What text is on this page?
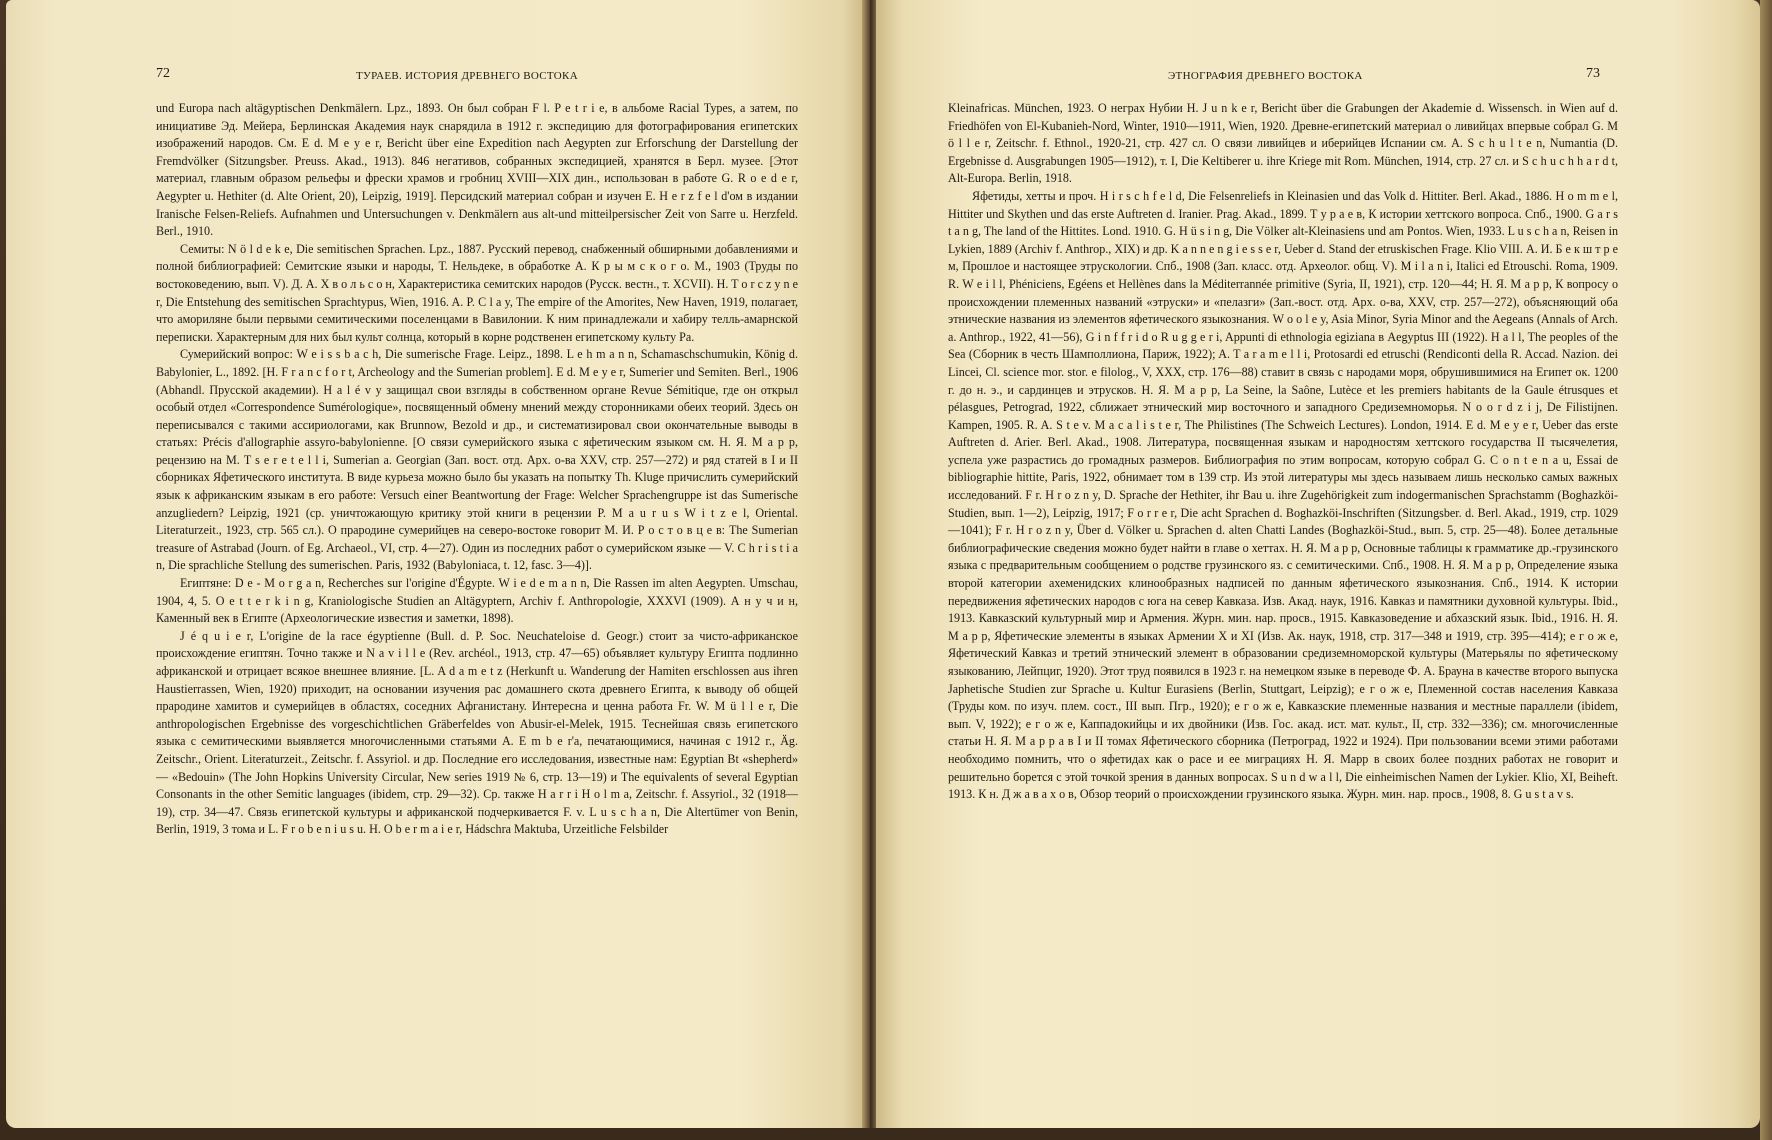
72	ТУРАЕВ. ИСТОРИЯ ДРЕВНЕГО ВОСТОКА

und Europa nach altägyptischen Denkmälern. Lpz., 1893. Он был собран F l. P e t r i e, в альбоме Racial Types, а затем, по инициативе Эд. Мейера, Берлинская Академия наук снарядила в 1912 г. экспедицию для фотографирования египетских изображений народов. См. E d. M e y e r, Bericht über eine Expedition nach Aegypten zur Erforschung der Darstellung der Fremdvölker (Sitzungsber. Preuss. Akad., 1913). 846 негативов, собранных экспедицией, хранятся в Берл. музее. [Этот материал, главным образом рельефы и фрески храмов и гробниц XVIII—XIX дин., использован в работе G. R o e d e r, Aegypter u. Hethiter (d. Alte Orient, 20), Leipzig, 1919]. Персидский материал собран и изучен E. H e r z f e l d'ом в издании Iranische Felsen-Reliefs. Aufnahmen und Untersuchungen v. Denkmälern aus alt-und mitteilpersischer Zeit von Sarre u. Herzfeld. Berl., 1910.

Семиты: N ö l d e k e, Die semitischen Sprachen. Lpz., 1887. Русский перевод, снабженный обширными добавлениями и полной библиографией: Семитские языки и народы, Т. Нельдеке, в обработке А. К р ы м с к о г о. М., 1903 (Труды по востоковедению, вып. V). Д. А. Х в о л ь с о н, Характеристика семитских народов (Русск. вестн., т. XCVII). H. T o r c z y n e r, Die Entstehung des semitischen Sprachtypus, Wien, 1916. A. P. C l a y, The empire of the Amorites, New Haven, 1919, полагает, что амориляне были первыми семитическими поселенцами в Вавилонии. К ним принадлежали и хабиру телль-амарнской переписки. Характерным для них был культ солнца, который в корне родственен египетскому культу Ра.

Сумерийский вопрос: W e i s s b a c h, Die sumerische Frage. Leipz., 1898. L e h m a n n, Schamaschschumukin, König d. Babylonier, L., 1892. [H. F r a n c f o r t, Archeology and the Sumerian problem]. E d. M e y e r, Sumerier und Semiten. Berl., 1906 (Abhandl. Прусской академии). H a l é v y защищал свои взгляды в собственном органе Revue Sémitique, где он открыл особый отдел «Correspondence Sumérologique», посвященный обмену мнений между сторонниками обеих теорий. Здесь он переписывался с такими ассириологами, как Brunnow, Bezold и др., и систематизировал свои окончательные выводы в статьях: Précis d'allographie assyro-babylonienne. [О связи сумерийского языка с яфетическим языком см. Н. Я. М а р р, рецензию на М. T s e r e t e l l i, Sumerian a. Georgian (Зап. вост. отд. Арх. о-ва XXV, стр. 257—272) и ряд статей в I и II сборниках Яфетического института. В виде курьеза можно было бы указать на попытку Th. Kluge причислить сумерийский язык к африканским языкам в его работе: Versuch einer Beantwortung der Frage: Welcher Sprachengruppe ist das Sumerische anzugliedern? Leipzig, 1921 (ср. уничтожающую критику этой книги в рецензии P. M a u r u s W i t z e l, Oriental. Literaturzeit., 1923, стр. 565 сл.). О прародине сумерийцев на северо-востоке говорит М. И. Р о с т о в ц е в: The Sumerian treasure of Astrabad (Journ. of Eg. Archaeol., VI, стр. 4—27). Один из последних работ о сумерийском языке — V. C h r i s t i a n, Die sprachliche Stellung des sumerischen. Paris, 1932 (Babyloniaca, t. 12, fasc. 3—4)].

Египтяне: D e - M o r g a n, Recherches sur l'origine d'Égypte. W i e d e m a n n, Die Rassen im alten Aegypten. Umschau, 1904, 4, 5. O e t t e r k i n g, Kraniologische Studien an Altägyptern, Archiv f. Anthropologie, XXXVI (1909). А н у ч и н, Каменный век в Египте (Археологические известия и заметки, 1898).

J é q u i e r, L'origine de la race égyptienne (Bull. d. P. Soc. Neuchateloise d. Geogr.) стоит за чисто-африканское происхождение египтян. Точно также и N a v i l l e (Rev. archéol., 1913, стр. 47—65) объявляет культуру Египта подлинно африканской и отрицает всякое внешнее влияние. [L. A d a m e t z (Herkunft u. Wanderung der Hamiten erschlossen aus ihren Haustierrassen, Wien, 1920) приходит, на основании изучения рас домашнего скота древнего Египта, к выводу об общей прародине хамитов и сумерийцев в областях, соседних Афганистану. Интересна и ценна работа Fr. W. M ü l l e r, Die anthropologischen Ergebnisse des vorgeschichtlichen Gräberfeldes von Abusir-el-Melek, 1915. Теснейшая связь египетского языка с семитическими выявляется многочисленными статьями A. E m b e r'a, печатающимися, начиная с 1912 г., Äg. Zeitschr., Orient. Literaturzeit., Zeitschr. f. Assyriol. и др. Последние его исследования, известные нам: Egyptian Bt «shepherd» — «Bedouin» (The John Hopkins University Circular, New series 1919 № 6, стр. 13—19) и The equivalents of several Egyptian Consonants in the other Semitic languages (ibidem, стр. 29—32). Ср. также H a r r i H o l m a, Zeitschr. f. Assyriol., 32 (1918—19), стр. 34—47. Связь египетской культуры и африканской подчеркивается F. v. L u s c h a n, Die Altertümer von Benin, Berlin, 1919, 3 тома и L. F r o b e n i u s u. H. O b e r m a i e r, Hádschra Maktuba, Urzeitliche Felsbilder

ЭТНОГРАФИЯ ДРЕВНЕГО ВОСТОКА	73

Kleinafricas. München, 1923. О неграх Нубии H. J u n k e r, Bericht über die Grabungen der Akademie d. Wissensch. in Wien auf d. Friedhöfen von El-Kubanieh-Nord, Winter, 1910—1911, Wien, 1920. Древне-египетский материал о ливийцах впервые собрал G. M ö l l e r, Zeitschr. f. Ethnol., 1920-21, стр. 427 сл. О связи ливийцев и иберийцев Испании см. A. S c h u l t e n, Numantia (D. Ergebnisse d. Ausgrabungen 1905—1912), т. I, Die Keltiberer u. ihre Kriege mit Rom. München, 1914, стр. 27 сл. и S c h u c h h a r d t, Alt-Europa. Berlin, 1918.

Яфетиды, хетты и проч. H i r s c h f e l d, Die Felsenreliefs in Kleinasien und das Volk d. Hittiter. Berl. Akad., 1886. H o m m e l, Hittiter und Skythen und das erste Auftreten d. Iranier. Prag. Akad., 1899. Т у р а е в, К истории хеттского вопроса. Спб., 1900. G a r s t a n g, The land of the Hittites. Lond. 1910. G. H ü s i n g, Die Völker alt-Kleinasiens und am Pontos. Wien, 1933. L u s c h a n, Reisen in Lykien, 1889 (Archiv f. Anthrop., XIX) и др. K a n n e n g i e s s e r, Ueber d. Stand der etruskischen Frage. Klio VIII. А. И. Б е к ш т р е м, Прошлое и настоящее этрускологии. Спб., 1908 (Зап. класс. отд. Археолог. общ. V). M i l a n i, Italici ed Etrouschi. Roma, 1909. R. W e i l l, Phéniciens, Egéens et Hellènes dans la Méditerrannée primitive (Syria, II, 1921), стр. 120—44; Н. Я. М а р р, К вопросу о происхождении племенных названий «этруски» и «пелазги» (Зап.-вост. отд. Арх. о-ва, XXV, стр. 257—272), объясняющий оба этнические названия из элементов яфетического языкознания. W o o l e y, Asia Minor, Syria Minor and the Aegeans (Annals of Arch. a. Anthrop., 1922, 41—56), G i n f f r i d o R u g g e r i, Appunti di ethnologia egiziana в Aegyptus III (1922). H a l l, The peoples of the Sea (Сборник в честь Шамполлиона, Париж, 1922); A. T a r a m e l l i, Protosardi ed etruschi (Rendiconti della R. Accad. Nazion. dei Lincei, Cl. science mor. stor. e filolog., V, XXX, стр. 176—88) ставит в связь с народами моря, обрушившимися на Египет ок. 1200 г. до н. э., и сардинцев и этрусков. Н. Я. М а р р, La Seine, la Saône, Lutèce et les premiers habitants de la Gaule étrusques et pélasgues, Petrograd, 1922, сближает этнический мир восточного и западного Средиземноморья. N o o r d z i j, De Filistijnen. Kampen, 1905. R. A. S t e v. M a c a l i s t e r, The Philistines (The Schweich Lectures). London, 1914. E d. M e y e r, Ueber das erste Auftreten d. Arier. Berl. Akad., 1908. Литература, посвященная языкам и народностям хеттского государства II тысячелетия, успела уже разрастись до громадных размеров. Библиография по этим вопросам, которую собрал G. C o n t e n a u, Essai de bibliographie hittite, Paris, 1922, обнимает том в 139 стр. Из этой литературы мы здесь называем лишь несколько самых важных исследований. F r. H r o z n y, D. Sprache der Hethiter, ihr Bau u. ihre Zugehörigkeit zum indogermanischen Sprachstamm (Boghazköi-Studien, вып. 1—2), Leipzig, 1917; F o r r e r, Die acht Sprachen d. Boghazköi-Inschriften (Sitzungsber. d. Berl. Akad., 1919, стр. 1029—1041); F r. H r o z n y, Über d. Völker u. Sprachen d. alten Chatti Landes (Boghazköi-Stud., вып. 5, стр. 25—48). Более детальные библиографические сведения можно будет найти в главе о хеттах. Н. Я. М а р р, Основные таблицы к грамматике др.-грузинского языка с предварительным сообщением о родстве грузинского яз. с семитическими. Спб., 1908. Н. Я. М а р р, Определение языка второй категории ахеменидских клинообразных надписей по данным яфетического языкознания. Спб., 1914. К истории передвижения яфетических народов с юга на север Кавказа. Изв. Акад. наук, 1916. Кавказ и памятники духовной культуры. Ibid., 1913. Кавказский культурный мир и Армения. Журн. мин. нар. просв., 1915. Кавказоведение и абхазский язык. Ibid., 1916. Н. Я. М а р р, Яфетические элементы в языках Армении X и XI (Изв. Ак. наук, 1918, стр. 317—348 и 1919, стр. 395—414); е г о ж е, Яфетический Кавказ и третий этнический элемент в образовании средиземноморской культуры (Матерьялы по яфетическому языкованию, Лейпциг, 1920). Этот труд появился в 1923 г. на немецком языке в переводе Ф. А. Брауна в качестве второго выпуска Japhetische Studien zur Sprache u. Kultur Eurasiens (Berlin, Stuttgart, Leipzig); е г о ж е, Племенной состав населения Кавказа (Труды ком. по изуч. плем. сост., III вып. Пгр., 1920); е г о ж е, Кавказские племенные названия и местные параллели (ibidem, вып. V, 1922); е г о ж е, Каппадокийцы и их двойники (Изв. Гос. акад. ист. мат. культ., II, стр. 332—336); см. многочисленные статьи Н. Я. М а р р а в I и II томах Яфетического сборника (Петроград, 1922 и 1924). При пользовании всеми этими работами необходимо помнить, что о яфетидах как о расе и ее миграциях Н. Я. Марр в своих более поздних работах не говорит и решительно борется с этой точкой зрения в данных вопросах. S u n d w a l l, Die einheimischen Namen der Lykier. Klio, XI, Beiheft. 1913. К н. Д ж а в а х о в, Обзор теорий о происхождении грузинского языка. Журн. мин. нар. просв., 1908, 8. G u s t a v s.
